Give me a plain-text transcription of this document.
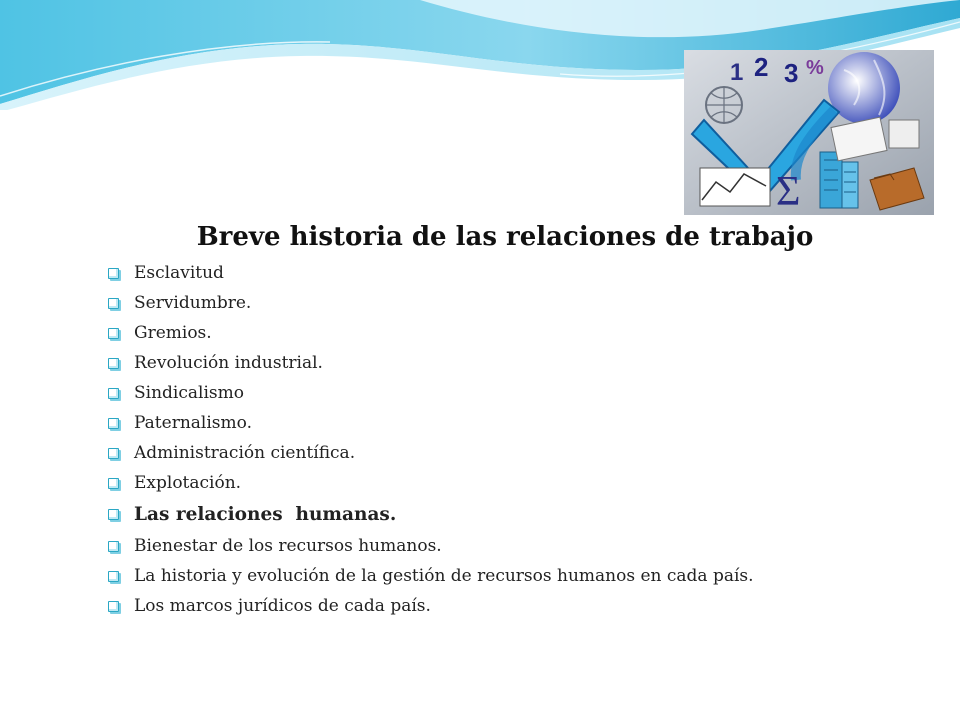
1 2 3 %
Σ
Breve historia de las relaciones de trabajo
Esclavitud
Servidumbre.
Gremios.
Revolución industrial.
Sindicalismo
Paternalismo.
Administración científica.
Explotación.
Las relaciones  humanas.
Bienestar de los recursos humanos.
La historia y evolución de la gestión de recursos humanos en cada país.
Los marcos jurídicos de cada país.
